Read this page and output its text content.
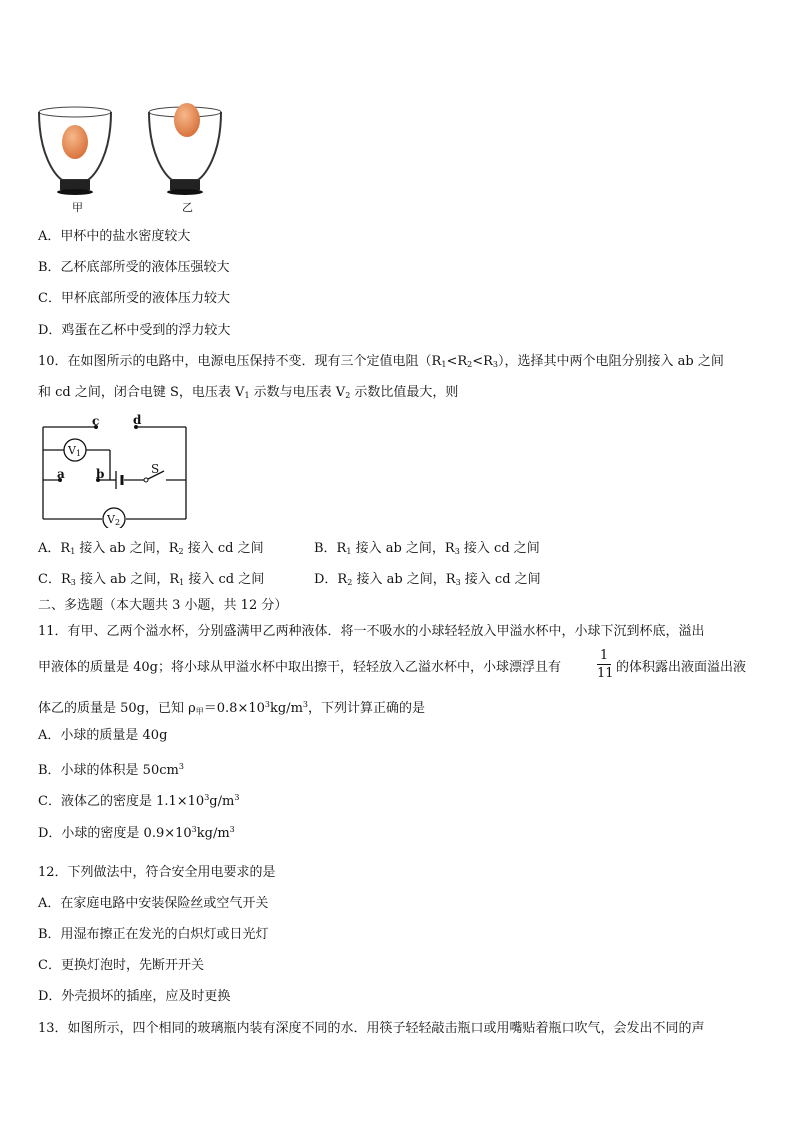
甲	乙
A．甲杯中的盐水密度较大
B．乙杯底部所受的液体压强较大
C．甲杯底部所受的液体压力较大
D．鸡蛋在乙杯中受到的浮力较大
10．在如图所示的电路中，电源电压保持不变．现有三个定值电阻$(R_1<R_2<R_3)$，选择其中两个电阻分别接入 ab 之间
和 cd 之间，闭合电键 S，电压表 $V_1$ 示数与电压表 $V_2$ 示数比值最大，则
c	d
a	b	S
$V_1$
$V_2$
A．$R_1$ 接入 ab 之间，$R_2$ 接入 cd 之间	B．$R_1$ 接入 ab 之间，$R_3$ 接入 cd 之间
C．$R_3$ 接入 ab 之间，$R_1$ 接入 cd 之间	D．$R_2$ 接入 ab 之间，$R_3$ 接入 cd 之间
二、多选题（本大题共 3 小题，共 12 分）
11．有甲、乙两个溢水杯，分别盛满甲乙两种液体．将一不吸水的小球轻轻放入甲溢水杯中，小球下沉到杯底，溢出
甲液体的质量是 40g；将小球从甲溢水杯中取出擦干，轻轻放入乙溢水杯中，小球漂浮且有
1
11 的体积露出液面溢出液
体乙的质量是 50g，已知 $\rho_甲=0.8\times 10^3kg/m^3$，下列计算正确的是
A．小球的质量是 40g
B．小球的体积是 $50cm^3$
C．液体乙的密度是 $1.1\times 10^3g/m^3$
D．小球的密度是 $0.9\times 10^3kg/m^3$
12．下列做法中，符合安全用电要求的是
A．在家庭电路中安装保险丝或空气开关
B．用湿布擦正在发光的白炽灯或日光灯
C．更换灯泡时，先断开开关
D．外壳损坏的插座，应及时更换
13．如图所示，四个相同的玻璃瓶内装有深度不同的水．用筷子轻轻敲击瓶口或用嘴贴着瓶口吹气，会发出不同的声
